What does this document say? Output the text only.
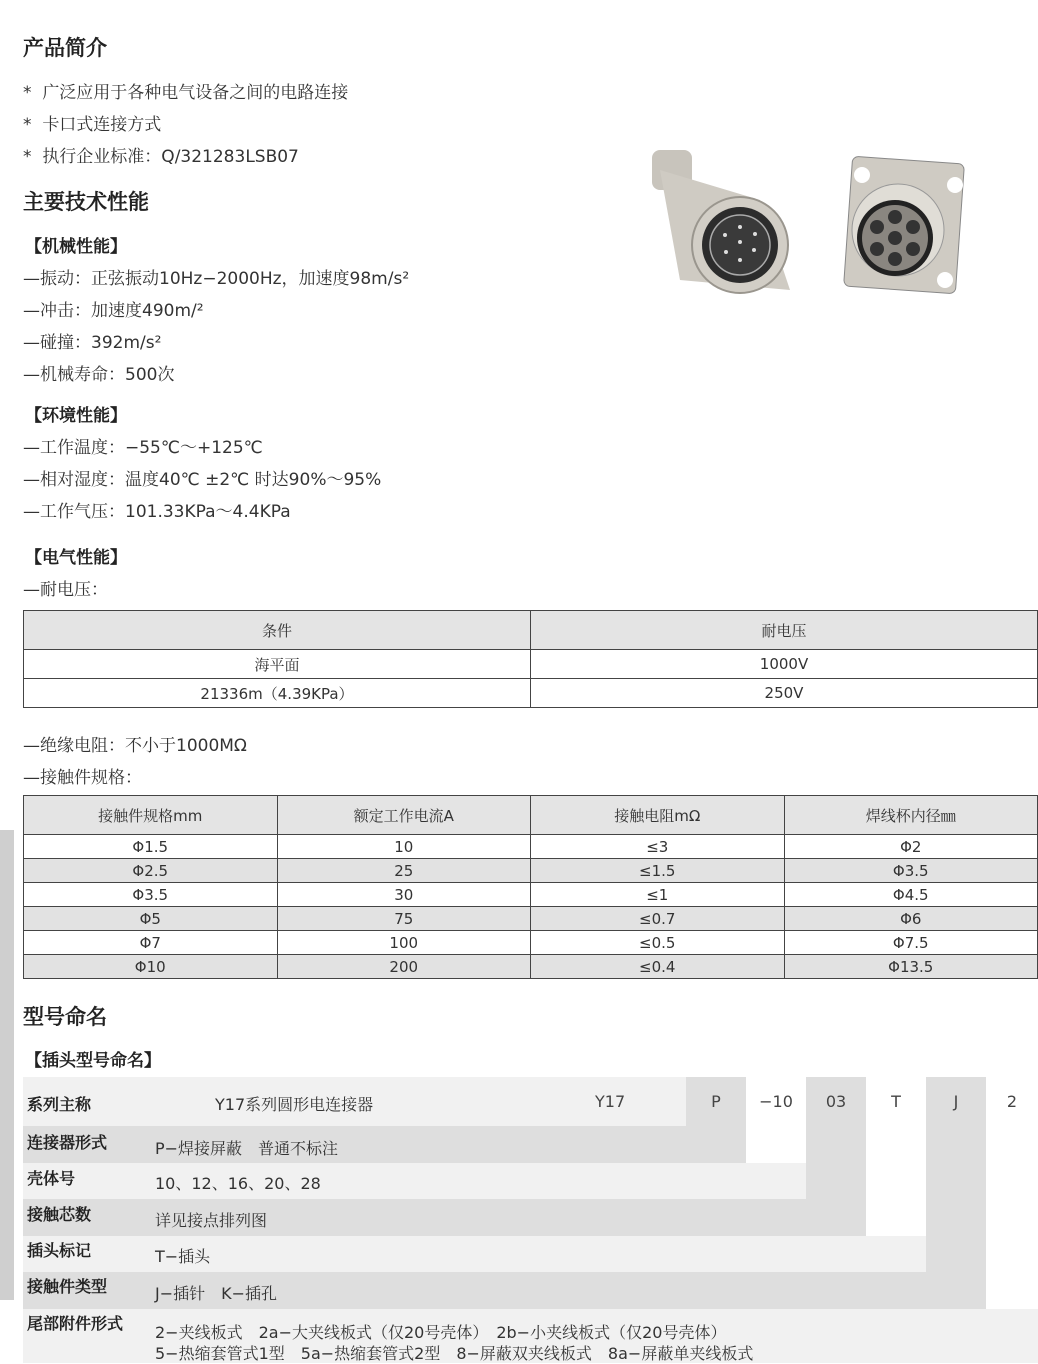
产品简介
* 广泛应用于各种电气设备之间的电路连接
*  卡口式连接方式
*  执行企业标准：Q/321283LSB07
主要技术性能
【机械性能】
—振动：正弦振动10Hz−2000Hz，加速度98m/s²
—冲击：加速度490m/²
—碰撞：392m/s²
—机械寿命：500次
【环境性能】
—工作温度：−55℃～+125℃
—相对湿度：温度40℃ ±2℃ 时达90%～95%
—工作气压：101.33KPa～4.4KPa
【电气性能】
—耐电压：
条件	耐电压
海平面	1000V
21336m（4.39KPa）	250V
—绝缘电阻：不小于1000MΩ
—接触件规格：
接触件规格mm	额定工作电流A	接触电阻mΩ	焊线杯内径㎜
Φ1.5	10	≤3	Φ2
Φ2.5	25	≤1.5	Φ3.5
Φ3.5	30	≤1	Φ4.5
Φ5	75	≤0.7	Φ6
Φ7	100	≤0.5	Φ7.5
Φ10	200	≤0.4	Φ13.5
型号命名
【插头型号命名】
系列主称	Y17系列圆形电连接器	Y17	P	−10	03	T	J	2
连接器形式	P−焊接屏蔽　普通不标注
壳体号	10、12、16、20、28
接触芯数	详见接点排列图
插头标记	T−插头
接触件类型	J−插针　K−插孔
尾部附件形式 2−夹线板式　2a−大夹线板式（仅20号壳体）　2b−小夹线板式（仅20号壳体）
5−热缩套管式1型　5a−热缩套管式2型　8−屏蔽双夹线板式　8a−屏蔽单夹线板式
